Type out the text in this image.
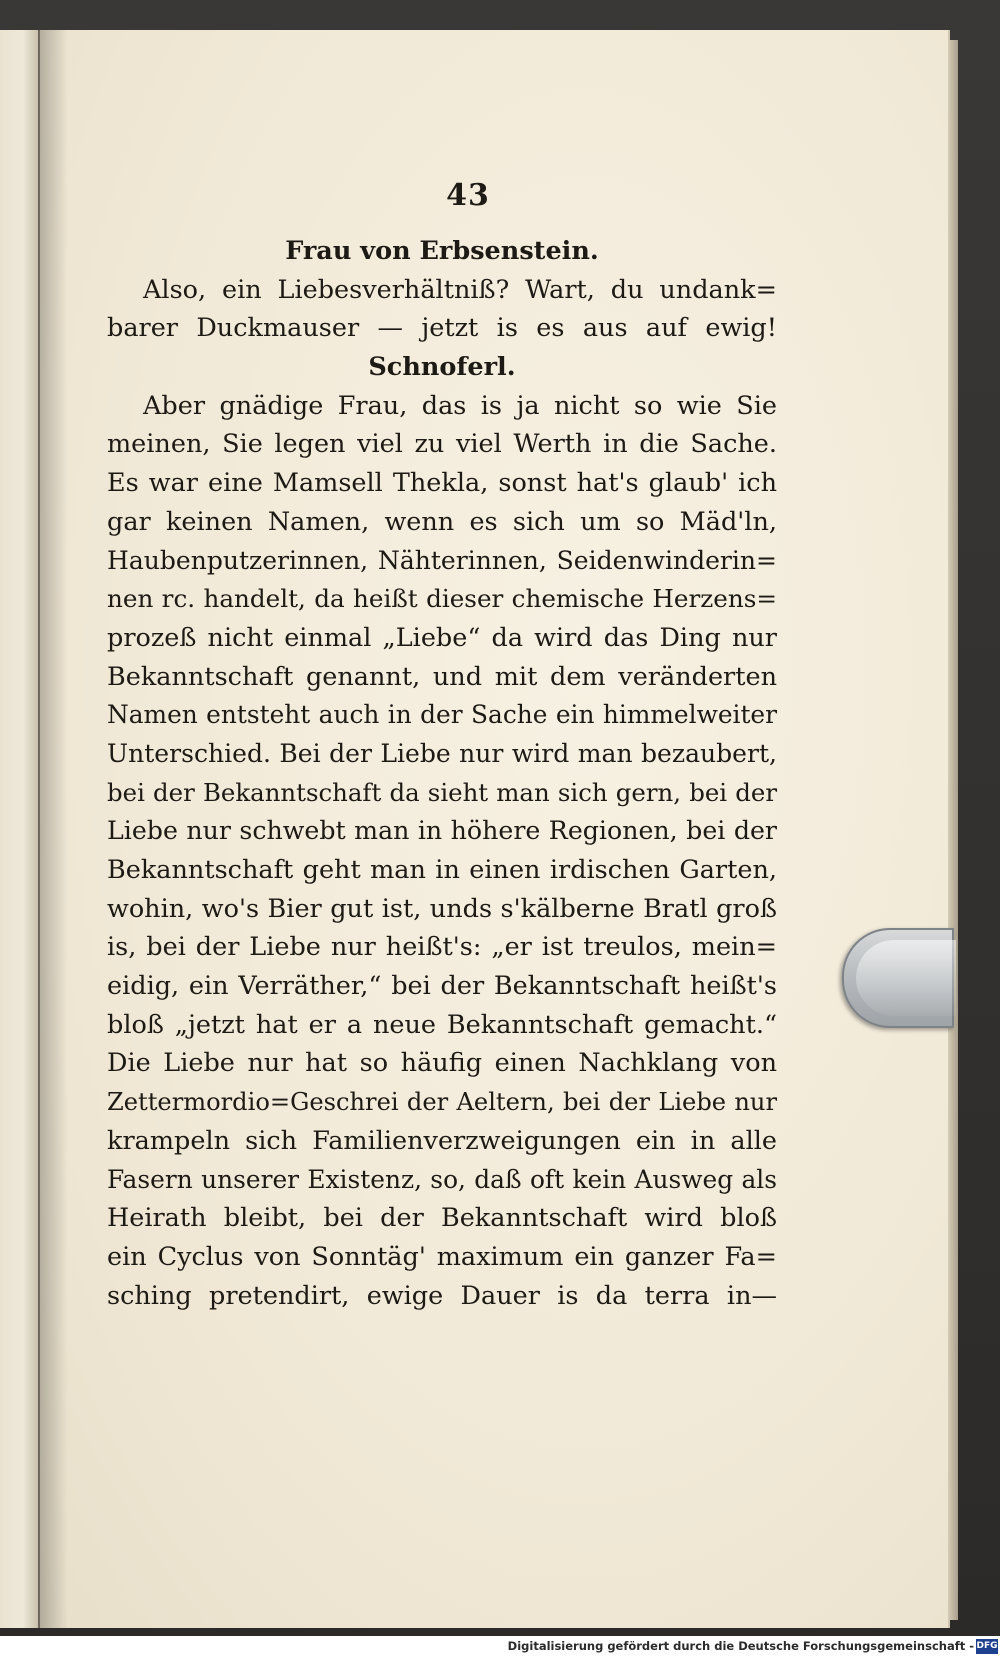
43
Frau von Erbsenstein.
Also, ein Liebesverhältniß? Wart, du undank=
barer Duckmauser — jetzt is es aus auf ewig!
Schnoferl.
Aber gnädige Frau, das is ja nicht so wie Sie
meinen, Sie legen viel zu viel Werth in die Sache.
Es war eine Mamsell Thekla, sonst hat's glaub' ich
gar keinen Namen, wenn es sich um so Mäd'ln,
Haubenputzerinnen, Nähterinnen, Seidenwinderin=
nen rc. handelt, da heißt dieser chemische Herzens=
prozeß nicht einmal „Liebe“ da wird das Ding nur
Bekanntschaft genannt, und mit dem veränderten
Namen entsteht auch in der Sache ein himmelweiter
Unterschied. Bei der Liebe nur wird man bezaubert,
bei der Bekanntschaft da sieht man sich gern, bei der
Liebe nur schwebt man in höhere Regionen, bei der
Bekanntschaft geht man in einen irdischen Garten,
wohin, wo's Bier gut ist, unds s'kälberne Bratl groß
is, bei der Liebe nur heißt's: „er ist treulos, mein=
eidig, ein Verräther,“ bei der Bekanntschaft heißt's
bloß „jetzt hat er a neue Bekanntschaft gemacht.“
Die Liebe nur hat so häufig einen Nachklang von
Zettermordio=Geschrei der Aeltern, bei der Liebe nur
krampeln sich Familienverzweigungen ein in alle
Fasern unserer Existenz, so, daß oft kein Ausweg als
Heirath bleibt, bei der Bekanntschaft wird bloß
ein Cyclus von Sonntäg' maximum ein ganzer Fa=
sching pretendirt, ewige Dauer is da terra in—
Digitalisierung gefördert durch die Deutsche Forschungsgemeinschaft - DFG
